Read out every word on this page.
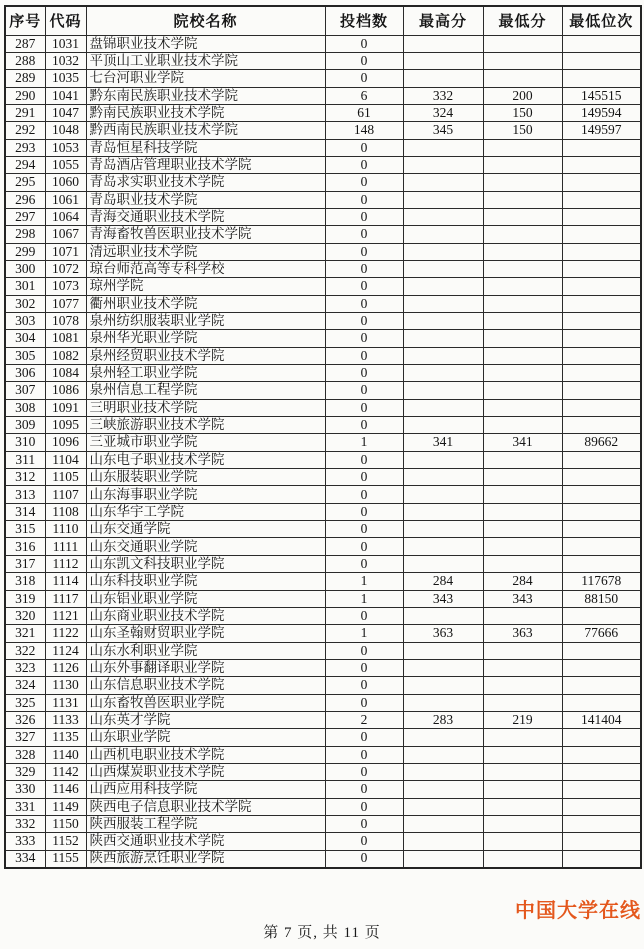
序号	代码	院校名称	投档数	最高分	最低分	最低位次
287	1031	盘锦职业技术学院	0			
288	1032	平顶山工业职业技术学院	0			
289	1035	七台河职业学院	0			
290	1041	黔东南民族职业技术学院	6	332	200	145515
291	1047	黔南民族职业技术学院	61	324	150	149594
292	1048	黔西南民族职业技术学院	148	345	150	149597
293	1053	青岛恒星科技学院	0			
294	1055	青岛酒店管理职业技术学院	0			
295	1060	青岛求实职业技术学院	0			
296	1061	青岛职业技术学院	0			
297	1064	青海交通职业技术学院	0			
298	1067	青海畜牧兽医职业技术学院	0			
299	1071	清远职业技术学院	0			
300	1072	琼台师范高等专科学校	0			
301	1073	琼州学院	0			
302	1077	衢州职业技术学院	0			
303	1078	泉州纺织服装职业学院	0			
304	1081	泉州华光职业学院	0			
305	1082	泉州经贸职业技术学院	0			
306	1084	泉州轻工职业学院	0			
307	1086	泉州信息工程学院	0			
308	1091	三明职业技术学院	0			
309	1095	三峡旅游职业技术学院	0			
310	1096	三亚城市职业学院	1	341	341	89662
311	1104	山东电子职业技术学院	0			
312	1105	山东服装职业学院	0			
313	1107	山东海事职业学院	0			
314	1108	山东华宇工学院	0			
315	1110	山东交通学院	0			
316	1111	山东交通职业学院	0			
317	1112	山东凯文科技职业学院	0			
318	1114	山东科技职业学院	1	284	284	117678
319	1117	山东铝业职业学院	1	343	343	88150
320	1121	山东商业职业技术学院	0			
321	1122	山东圣翰财贸职业学院	1	363	363	77666
322	1124	山东水利职业学院	0			
323	1126	山东外事翻译职业学院	0			
324	1130	山东信息职业技术学院	0			
325	1131	山东畜牧兽医职业学院	0			
326	1133	山东英才学院	2	283	219	141404
327	1135	山东职业学院	0			
328	1140	山西机电职业技术学院	0			
329	1142	山西煤炭职业技术学院	0			
330	1146	山西应用科技学院	0			
331	1149	陕西电子信息职业技术学院	0			
332	1150	陕西服装工程学院	0			
333	1152	陕西交通职业技术学院	0			
334	1155	陕西旅游烹饪职业学院	0			
第 7 页, 共 11 页
中国大学在线
